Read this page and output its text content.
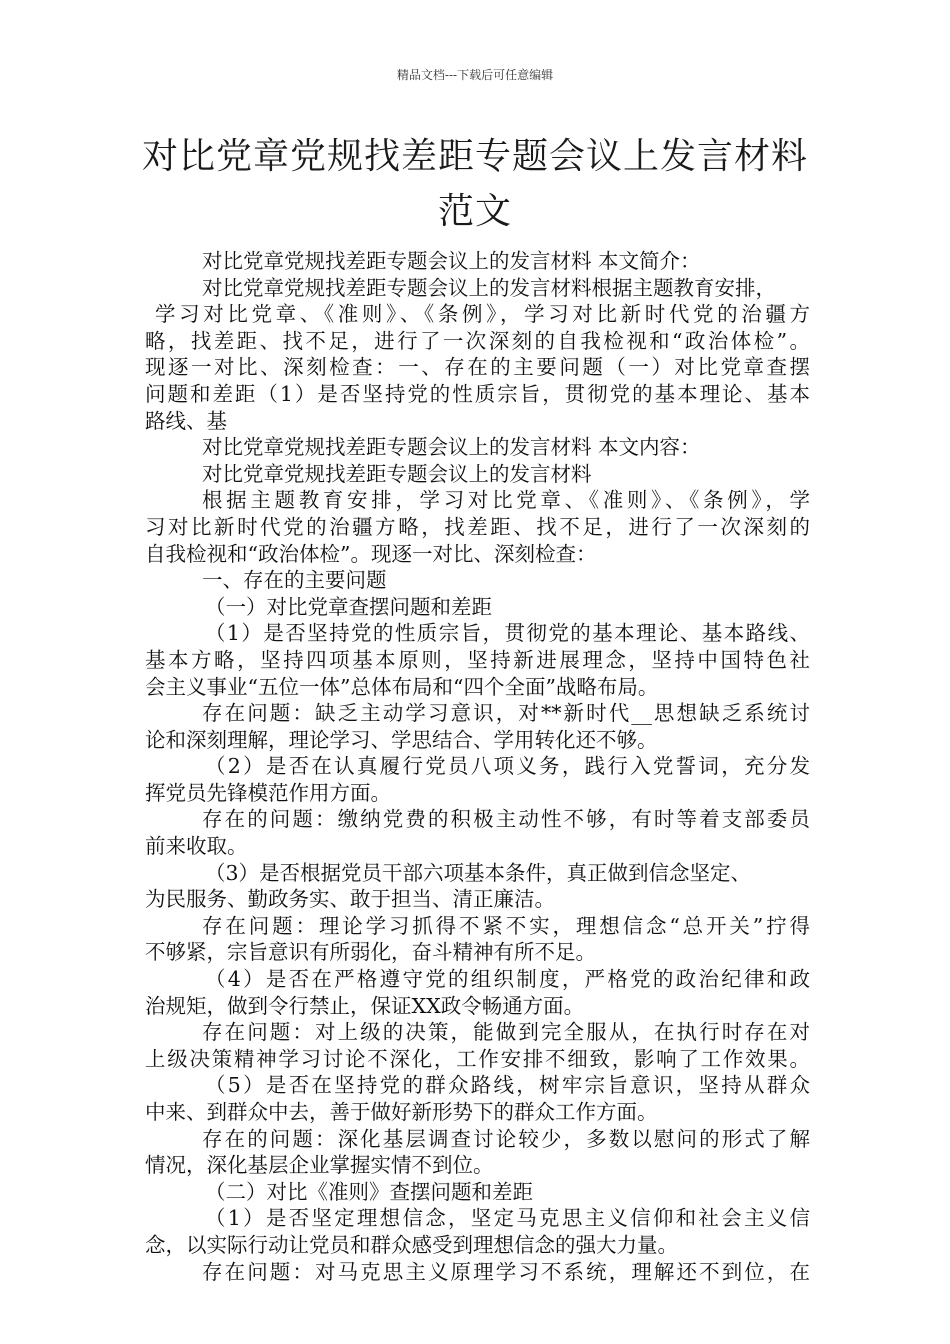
精品文档---下载后可任意编辑
对比党章党规找差距专题会议上发言材料
范文
对比党章党规找差距专题会议上的发言材料 本文简介：
对比党章党规找差距专题会议上的发言材料根据主题教育安排，
学习对比党章、《准则》、《条例》，学习对比新时代党的治疆方
略，找差距、找不足，进行了一次深刻的自我检视和“政治体检”。
现逐一对比、深刻检查：一、存在的主要问题（一）对比党章查摆
问题和差距（1）是否坚持党的性质宗旨，贯彻党的基本理论、基本
路线、基
对比党章党规找差距专题会议上的发言材料 本文内容：
对比党章党规找差距专题会议上的发言材料
根据主题教育安排，学习对比党章、《准则》、《条例》，学
习对比新时代党的治疆方略，找差距、找不足，进行了一次深刻的
自我检视和“政治体检”。现逐一对比、深刻检查：
一、存在的主要问题
（一）对比党章查摆问题和差距
（1）是否坚持党的性质宗旨，贯彻党的基本理论、基本路线、
基本方略，坚持四项基本原则，坚持新进展理念，坚持中国特色社
会主义事业“五位一体”总体布局和“四个全面”战略布局。
存在问题：缺乏主动学习意识，对**新时代__思想缺乏系统讨
论和深刻理解，理论学习、学思结合、学用转化还不够。
（2）是否在认真履行党员八项义务，践行入党誓词，充分发
挥党员先锋模范作用方面。
存在的问题：缴纳党费的积极主动性不够，有时等着支部委员
前来收取。
（3）是否根据党员干部六项基本条件，真正做到信念坚定、
为民服务、勤政务实、敢于担当、清正廉洁。
存在问题：理论学习抓得不紧不实，理想信念“总开关”拧得
不够紧，宗旨意识有所弱化，奋斗精神有所不足。
（4）是否在严格遵守党的组织制度，严格党的政治纪律和政
治规矩，做到令行禁止，保证XX政令畅通方面。
存在问题：对上级的决策，能做到完全服从，在执行时存在对
上级决策精神学习讨论不深化，工作安排不细致，影响了工作效果。
（5）是否在坚持党的群众路线，树牢宗旨意识，坚持从群众
中来、到群众中去，善于做好新形势下的群众工作方面。
存在的问题：深化基层调查讨论较少，多数以慰问的形式了解
情况，深化基层企业掌握实情不到位。
（二）对比《准则》查摆问题和差距
（1）是否坚定理想信念，坚定马克思主义信仰和社会主义信
念，以实际行动让党员和群众感受到理想信念的强大力量。
存在问题：对马克思主义原理学习不系统，理解还不到位，在
